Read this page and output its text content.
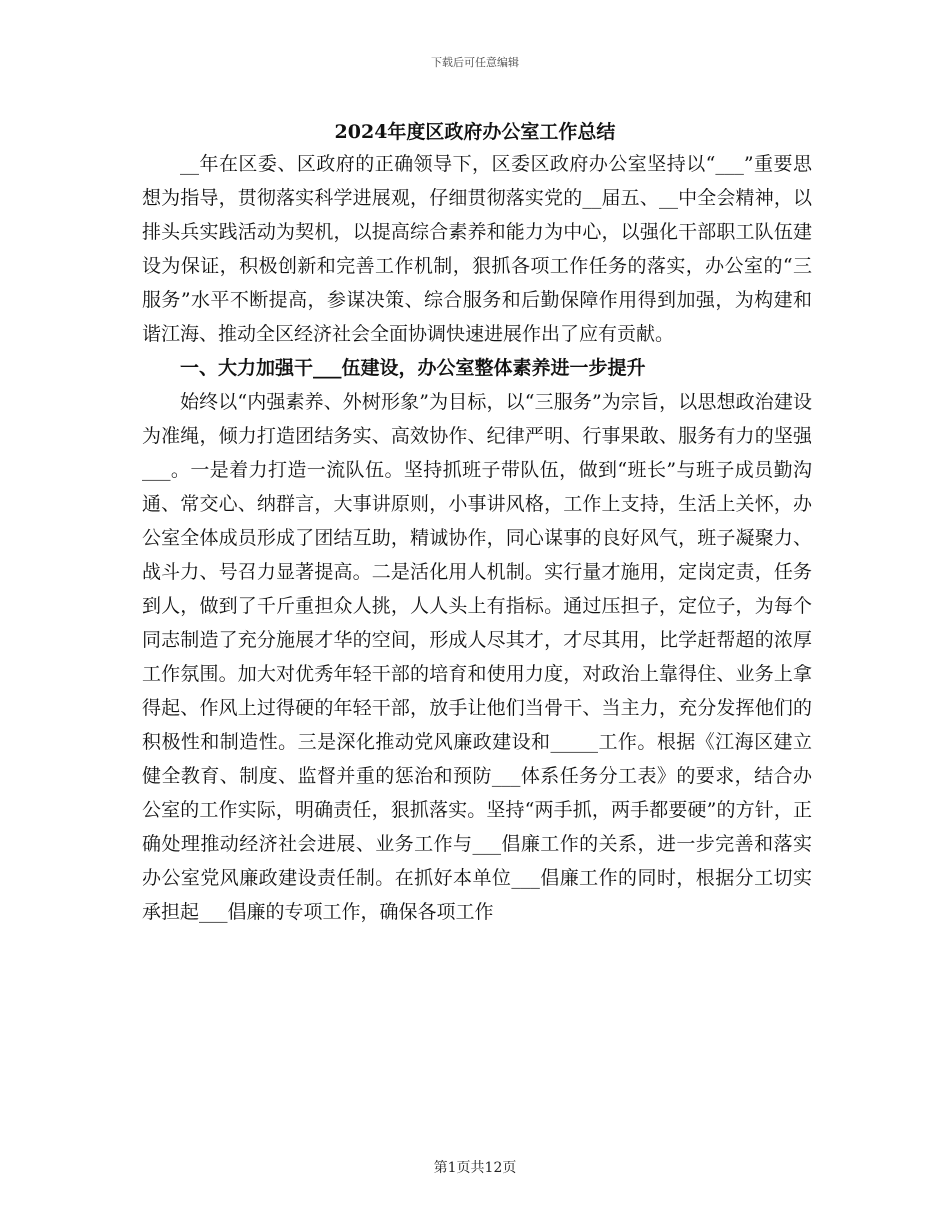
下载后可任意编辑
2024年度区政府办公室工作总结

__年在区委、区政府的正确领导下，区委区政府办公室坚持以“___”重要思想为指导，贯彻落实科学进展观，仔细贯彻落实党的__届五、__中全会精神，以排头兵实践活动为契机，以提高综合素养和能力为中心，以强化干部职工队伍建设为保证，积极创新和完善工作机制，狠抓各项工作任务的落实，办公室的“三服务”水平不断提高，参谋决策、综合服务和后勤保障作用得到加强，为构建和谐江海、推动全区经济社会全面协调快速进展作出了应有贡献。

一、大力加强干___伍建设，办公室整体素养进一步提升

始终以“内强素养、外树形象”为目标，以“三服务”为宗旨，以思想政治建设为准绳，倾力打造团结务实、高效协作、纪律严明、行事果敢、服务有力的坚强___。一是着力打造一流队伍。坚持抓班子带队伍，做到“班长”与班子成员勤沟通、常交心、纳群言，大事讲原则，小事讲风格，工作上支持，生活上关怀，办公室全体成员形成了团结互助，精诚协作，同心谋事的良好风气，班子凝聚力、战斗力、号召力显著提高。二是活化用人机制。实行量才施用，定岗定责，任务到人，做到了千斤重担众人挑，人人头上有指标。通过压担子，定位子，为每个同志制造了充分施展才华的空间，形成人尽其才，才尽其用，比学赶帮超的浓厚工作氛围。加大对优秀年轻干部的培育和使用力度，对政治上靠得住、业务上拿得起、作风上过得硬的年轻干部，放手让他们当骨干、当主力，充分发挥他们的积极性和制造性。三是深化推动党风廉政建设和_____工作。根据《江海区建立健全教育、制度、监督并重的惩治和预防___体系任务分工表》的要求，结合办公室的工作实际，明确责任，狠抓落实。坚持“两手抓，两手都要硬”的方针，正确处理推动经济社会进展、业务工作与___倡廉工作的关系，进一步完善和落实办公室党风廉政建设责任制。在抓好本单位___倡廉工作的同时，根据分工切实承担起___倡廉的专项工作，确保各项工作

第1页共12页
